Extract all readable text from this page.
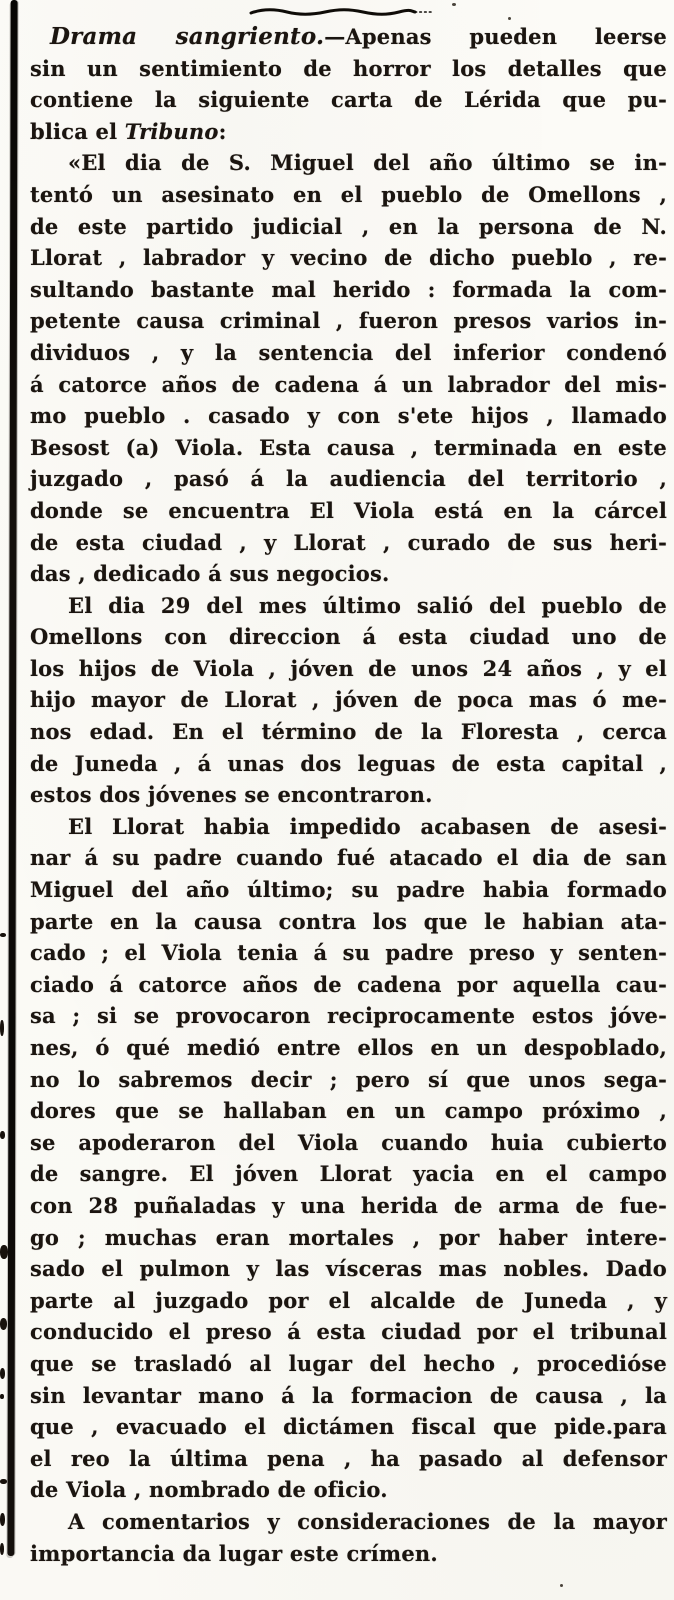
Drama sangriento.—Apenas pueden leerse
sin un sentimiento de horror los detalles que
contiene la siguiente carta de Lérida que pu-
blica el Tribuno:
«El dia de S. Miguel del año último se in-
tentó un asesinato en el pueblo de Omellons ,
de este partido judicial , en la persona de N.
Llorat , labrador y vecino de dicho pueblo , re-
sultando bastante mal herido : formada la com-
petente causa criminal , fueron presos varios in-
dividuos , y la sentencia del inferior condenó
á catorce años de cadena á un labrador del mis-
mo pueblo . casado y con s'ete hijos , llamado
Besost (a) Viola. Esta causa , terminada en este
juzgado , pasó á la audiencia del territorio ,
donde se encuentra El Viola está en la cárcel
de esta ciudad , y Llorat , curado de sus heri-
das , dedicado á sus negocios.
El dia 29 del mes último salió del pueblo de
Omellons con direccion á esta ciudad uno de
los hijos de Viola , jóven de unos 24 años , y el
hijo mayor de Llorat , jóven de poca mas ó me-
nos edad. En el término de la Floresta , cerca
de Juneda , á unas dos leguas de esta capital ,
estos dos jóvenes se encontraron.
El Llorat habia impedido acabasen de asesi-
nar á su padre cuando fué atacado el dia de san
Miguel del año último; su padre habia formado
parte en la causa contra los que le habian ata-
cado ; el Viola tenia á su padre preso y senten-
ciado á catorce años de cadena por aquella cau-
sa ; si se provocaron reciprocamente estos jóve-
nes, ó qué medió entre ellos en un despoblado,
no lo sabremos decir ; pero sí que unos sega-
dores que se hallaban en un campo próximo ,
se apoderaron del Viola cuando huia cubierto
de sangre. El jóven Llorat yacia en el campo
con 28 puñaladas y una herida de arma de fue-
go ; muchas eran mortales , por haber intere-
sado el pulmon y las vísceras mas nobles. Dado
parte al juzgado por el alcalde de Juneda , y
conducido el preso á esta ciudad por el tribunal
que se trasladó al lugar del hecho , procedióse
sin levantar mano á la formacion de causa , la
que , evacuado el dictámen fiscal que pide.para
el reo la última pena , ha pasado al defensor
de Viola , nombrado de oficio.
A comentarios y consideraciones de la mayor
importancia da lugar este crímen.
